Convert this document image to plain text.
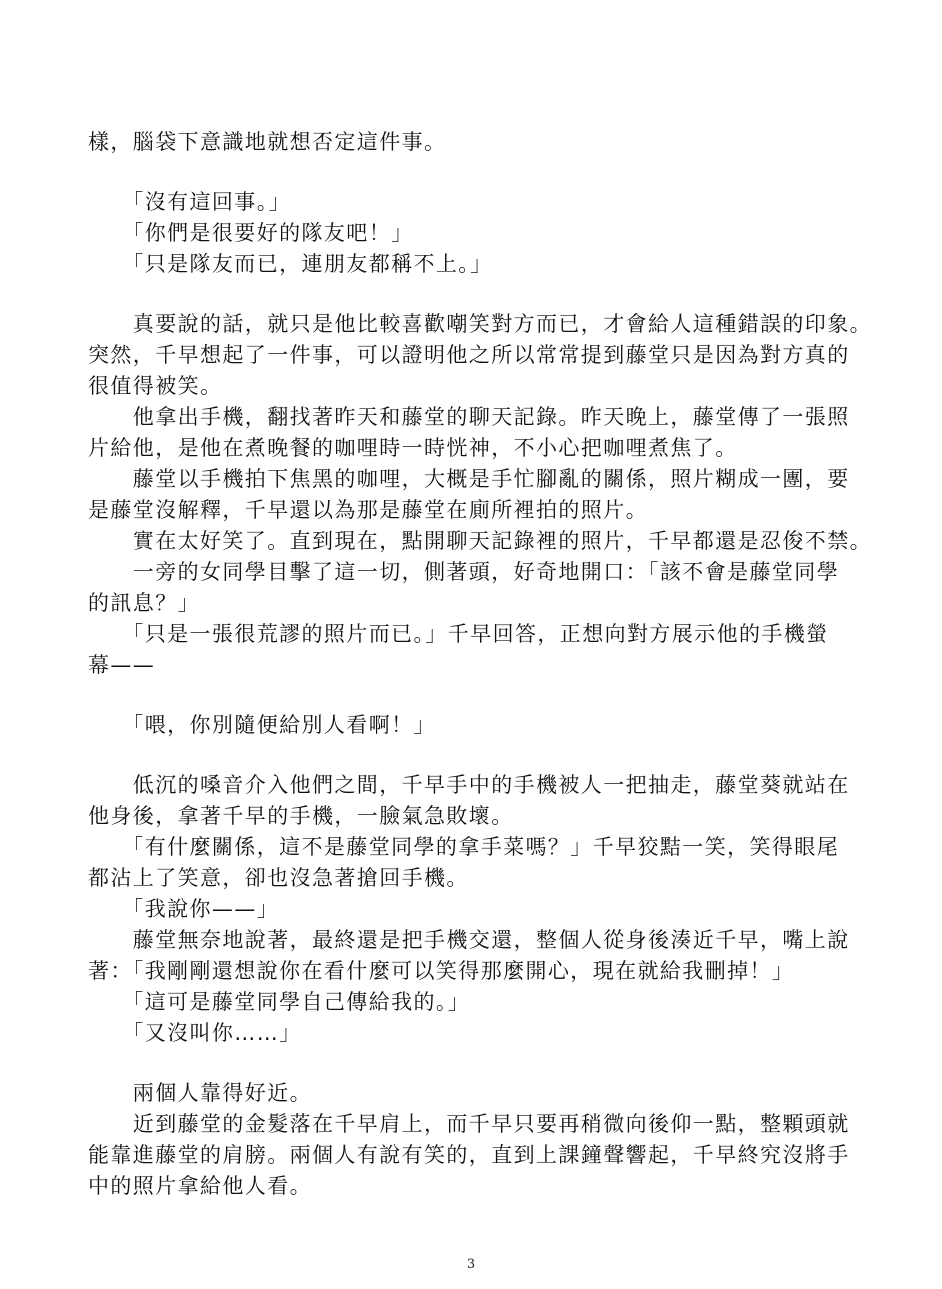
樣，腦袋下意識地就想否定這件事。
　　「沒有這回事。」
　　「你們是很要好的隊友吧！」
　　「只是隊友而已，連朋友都稱不上。」
　　真要說的話，就只是他比較喜歡嘲笑對方而已，才會給人這種錯誤的印象。
突然，千早想起了一件事，可以證明他之所以常常提到藤堂只是因為對方真的
很值得被笑。
　　他拿出手機，翻找著昨天和藤堂的聊天記錄。昨天晚上，藤堂傳了一張照
片給他，是他在煮晚餐的咖哩時一時恍神，不小心把咖哩煮焦了。
　　藤堂以手機拍下焦黑的咖哩，大概是手忙腳亂的關係，照片糊成一團，要
是藤堂沒解釋，千早還以為那是藤堂在廁所裡拍的照片。
　　實在太好笑了。直到現在，點開聊天記錄裡的照片，千早都還是忍俊不禁。
　　一旁的女同學目擊了這一切，側著頭，好奇地開口：「該不會是藤堂同學
的訊息？」
　　「只是一張很荒謬的照片而已。」千早回答，正想向對方展示他的手機螢
幕——
　　「喂，你別隨便給別人看啊！」
　　低沉的嗓音介入他們之間，千早手中的手機被人一把抽走，藤堂葵就站在
他身後，拿著千早的手機，一臉氣急敗壞。
　　「有什麼關係，這不是藤堂同學的拿手菜嗎？」千早狡黠一笑，笑得眼尾
都沾上了笑意，卻也沒急著搶回手機。
　　「我說你——」
　　藤堂無奈地說著，最終還是把手機交還，整個人從身後湊近千早，嘴上說
著：「我剛剛還想說你在看什麼可以笑得那麼開心，現在就給我刪掉！」
　　「這可是藤堂同學自己傳給我的。」
　　「又沒叫你……」
　　兩個人靠得好近。
　　近到藤堂的金髮落在千早肩上，而千早只要再稍微向後仰一點，整顆頭就
能靠進藤堂的肩膀。兩個人有說有笑的，直到上課鐘聲響起，千早終究沒將手
中的照片拿給他人看。
3
